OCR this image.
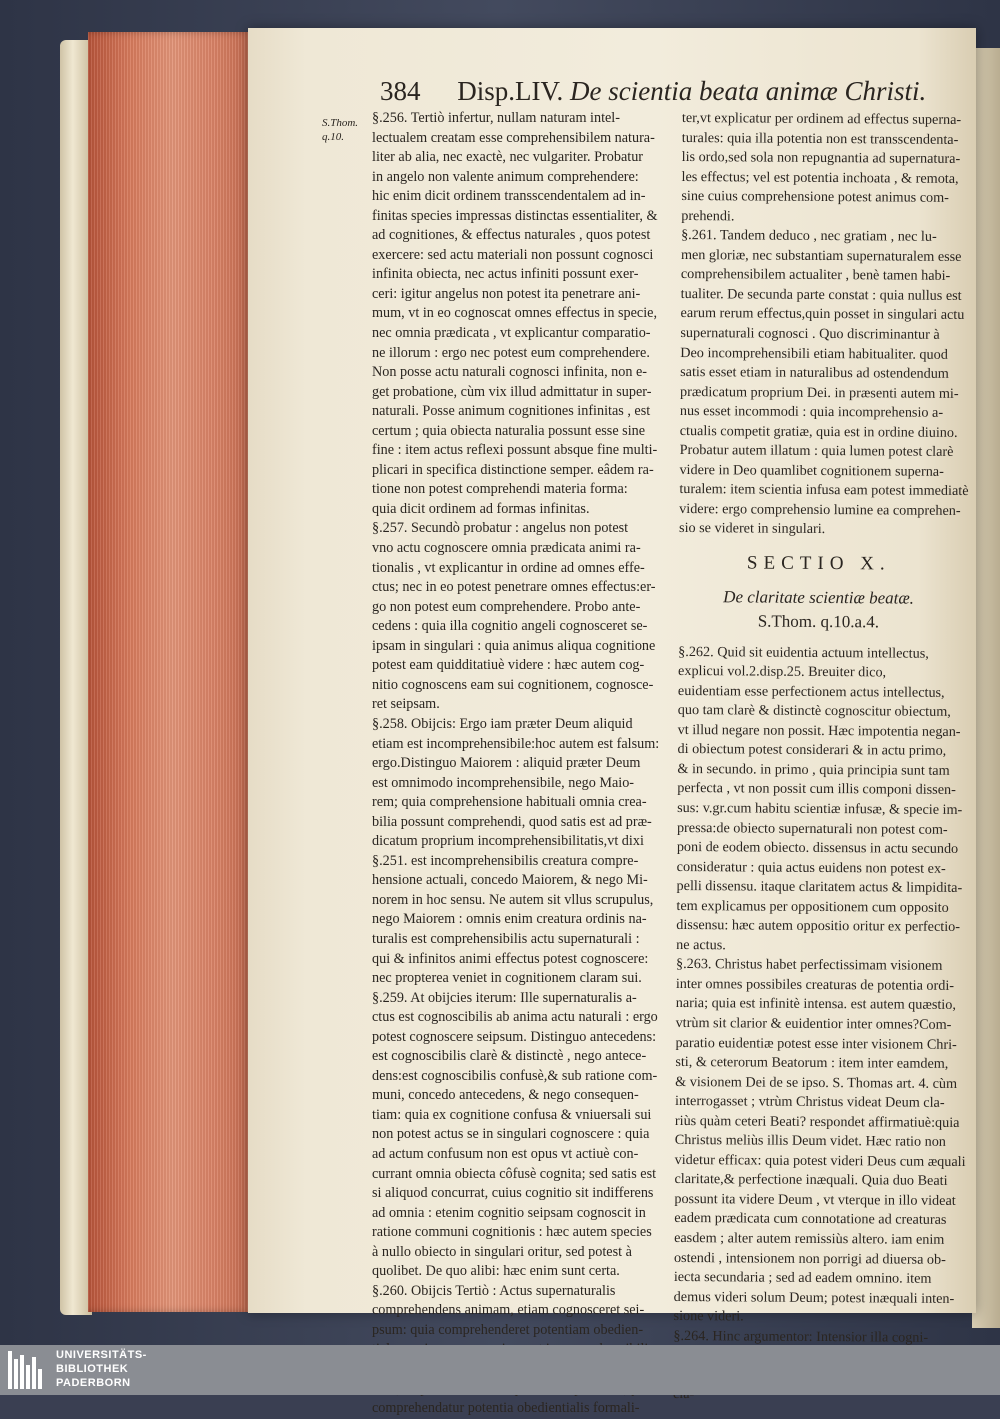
384 Disp.LIV. De scientia beata animæ Christi.
S.Thom.
q.10.
§.256. Tertiò infertur, nullam naturam intel-
lectualem creatam esse comprehensibilem natura-
liter ab alia, nec exactè, nec vulgariter. Probatur
in angelo non valente animum comprehendere:
hic enim dicit ordinem transscendentalem ad in-
finitas species impressas distinctas essentialiter, &
ad cognitiones, & effectus naturales , quos potest
exercere: sed actu materiali non possunt cognosci
infinita obiecta, nec actus infiniti possunt exer-
ceri: igitur angelus non potest ita penetrare ani-
mum, vt in eo cognoscat omnes effectus in specie,
nec omnia prædicata , vt explicantur comparatio-
ne illorum : ergo nec potest eum comprehendere.
Non posse actu naturali cognosci infinita, non e-
get probatione, cùm vix illud admittatur in super-
naturali. Posse animum cognitiones infinitas , est
certum ; quia obiecta naturalia possunt esse sine
fine : item actus reflexi possunt absque fine multi-
plicari in specifica distinctione semper. eâdem ra-
tione non potest comprehendi materia forma:
quia dicit ordinem ad formas infinitas.
§.257. Secundò probatur : angelus non potest
vno actu cognoscere omnia prædicata animi ra-
tionalis , vt explicantur in ordine ad omnes effe-
ctus; nec in eo potest penetrare omnes effectus:er-
go non potest eum comprehendere. Probo ante-
cedens : quia illa cognitio angeli cognosceret se-
ipsam in singulari : quia animus aliqua cognitione
potest eam quidditatiuè videre : hæc autem cog-
nitio cognoscens eam sui cognitionem, cognosce-
ret seipsam.
§.258. Obijcis: Ergo iam præter Deum aliquid
etiam est incomprehensibile:hoc autem est falsum:
ergo.Distinguo Maiorem : aliquid præter Deum
est omnimodo incomprehensibile, nego Maio-
rem; quia comprehensione habituali omnia crea-
bilia possunt comprehendi, quod satis est ad præ-
dicatum proprium incomprehensibilitatis,vt dixi
§.251. est incomprehensibilis creatura compre-
hensione actuali, concedo Maiorem, & nego Mi-
norem in hoc sensu. Ne autem sit vllus scrupulus,
nego Maiorem : omnis enim creatura ordinis na-
turalis est comprehensibilis actu supernaturali :
qui & infinitos animi effectus potest cognoscere:
nec propterea veniet in cognitionem claram sui.
§.259. At obijcies iterum: Ille supernaturalis a-
ctus est cognoscibilis ab anima actu naturali : ergo
potest cognoscere seipsum. Distinguo antecedens:
est cognoscibilis clarè & distinctè , nego antece-
dens:est cognoscibilis confusè,& sub ratione com-
muni, concedo antecedens, & nego consequen-
tiam: quia ex cognitione confusa & vniuersali sui
non potest actus se in singulari cognoscere : quia
ad actum confusum non est opus vt actiuè con-
currant omnia obiecta côfusè cognita; sed satis est
si aliquod concurrat, cuius cognitio sit indifferens
ad omnia : etenim cognitio seipsam cognoscit in
ratione communi cognitionis : hæc autem species
à nullo obiecto in singulari oritur, sed potest à
quolibet. De quo alibi: hæc enim sunt certa.
§.260. Obijcis Tertiò : Actus supernaturalis
comprehendens animam, etiam cognosceret sei-
psum: quia comprehenderet potentiam obedien-
comprehendatur potentia obedientialis formali-
ter,vt explicatur per ordinem ad effectus superna-
turales: quia illa potentia non est transscendenta-
lis ordo,sed sola non repugnantia ad supernatura-
les effectus; vel est potentia inchoata , & remota,
sine cuius comprehensione potest animus com-
prehendi.
§.261. Tandem deduco , nec gratiam , nec lu-
men gloriæ, nec substantiam supernaturalem esse
comprehensibilem actualiter , benè tamen habi-
tualiter. De secunda parte constat : quia nullus est
earum rerum effectus,quin posset in singulari actu
supernaturali cognosci . Quo discriminantur à
Deo incomprehensibili etiam habitualiter. quod
satis esset etiam in naturalibus ad ostendendum
prædicatum proprium Dei. in præsenti autem mi-
nus esset incommodi : quia incomprehensio a-
ctualis competit gratiæ, quia est in ordine diuino.
Probatur autem illatum : quia lumen potest clarè
videre in Deo quamlibet cognitionem superna-
turalem: item scientia infusa eam potest immediatè
videre: ergo comprehensio lumine ea comprehen-
sio se videret in singulari.
SECTIO X.
De claritate scientiæ beatæ.
S.Thom. q.10.a.4.
§.262. Quid sit euidentia actuum intellectus,
explicui vol.2.disp.25. Breuiter dico,
euidentiam esse perfectionem actus intellectus,
quo tam clarè & distinctè cognoscitur obiectum,
vt illud negare non possit. Hæc impotentia negan-
di obiectum potest considerari & in actu primo,
& in secundo. in primo , quia principia sunt tam
perfecta , vt non possit cum illis componi dissen-
sus: v.gr.cum habitu scientiæ infusæ, & specie im-
pressa:de obiecto supernaturali non potest com-
poni de eodem obiecto. dissensus in actu secundo
consideratur : quia actus euidens non potest ex-
pelli dissensu. itaque claritatem actus & limpidita-
tem explicamus per oppositionem cum opposito
dissensu: hæc autem oppositio oritur ex perfectio-
ne actus.
§.263. Christus habet perfectissimam visionem
inter omnes possibiles creaturas de potentia ordi-
naria; quia est infinitè intensa. est autem quæstio,
vtrùm sit clarior & euidentior inter omnes?Com-
paratio euidentiæ potest esse inter visionem Chri-
sti, & ceterorum Beatorum : item inter eamdem,
& visionem Dei de se ipso. S. Thomas art. 4. cùm
interrogasset ; vtrùm Christus videat Deum cla-
riùs quàm ceteri Beati? respondet affirmatiuè:quia
Christus meliùs illis Deum videt. Hæc ratio non
videtur efficax: quia potest videri Deus cum æquali
claritate,& perfectione inæquali. Quia duo Beati
possunt ita videre Deum , vt vterque in illo videat
eadem prædicata cum connotatione ad creaturas
easdem ; alter autem remissiùs altero. iam enim
ostendi , intensionem non porrigi ad diuersa ob-
iecta secundaria ; sed ad eadem omnino. item
demus videri solum Deum; potest inæquali inten-
sione videri.
§.264. Hinc argumentor: Intensior illa cogni-
UNIVERSITÄTS-
BIBLIOTHEK
PADERBORN
